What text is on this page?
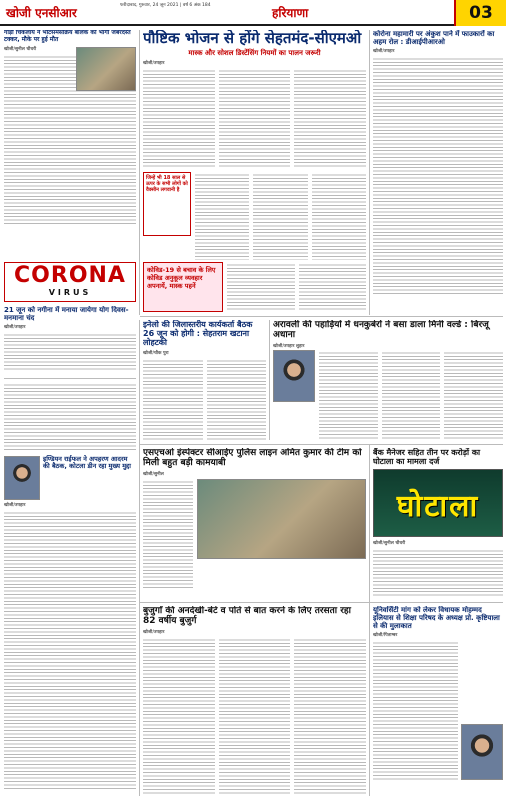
खोजी एनसीआर
फरीदाबाद, गुरुवार, 24 जून 2021 | वर्ष 6 अंक 184
हरियाणा	03
गाड़ी चिकलाय ने भोटसमसक्रिय बालक को भागी जबरदस्त टक्कर, मौके पर हुई मौत
खोजी/सुनील चौधरी
पौष्टिक भोजन से होंगे सेहतमंद-सीएमओ
मास्क और सोशल डिस्टेंसिंग नियमों का पालन जरूरी
खोजी/उपहार
जिन्हें भी 18 साल से ऊपर के सभी लोगों को वैक्सीन लगवानी है
कोरोना महामारी पर अंकुश पाने में फाउकारों का अहम रोल : डीआईपीआरओ
खोजी/उपहार
CORONA
VIRUS
21 जून को नगीना में मनाया जायेगा योग दिवस-मनमाना चंद
खोजी/उपहार
कोविड-19 से बचाव के लिए कोविड अनुकूल व्यवहार अपनायें, मास्क पहनें
इनेलो की जिलास्तरीय कार्यकर्ता बैठक 26 जून को होगी : सेहतराम खटाना लोहटकी
खोजी/चौक पुरा
अरावली की पहाड़ियों में धनकुबेरों ने बसा डाला मिनी वर्ल्ड : बिरजू अधाना
खोजी/उपहार लुहार
इण्डियन राईफल ने अपहरण आदरम की बैठक, कोटला डीन रहा मुख्य मुद्दा
खोजी/उपहार
एसएचओ इंस्पेक्टर सीआईए पुलिस लाइन अमित कुमार की टीम को मिली बहुत बड़ी कामयाबी
खोजी/सुनील
बैंक मैनेजर सहित तीन पर करोड़ों का घोटाला का मामला दर्ज
घोटाला
खोजी/सुनील चौधरी
बुजुर्गों की अनदेखी-बेटे व पोते से बात करने के लिए तरसता रहा 82 वर्षीय बुजुर्ग
खोजी/उपहार
यूनिवर्सिटी मांग को लेकर विधायक मोहम्मद इलियास से शिक्षा परिषद के अध्यक्ष प्रो. कृष्टियाला से की मुलाकात
खोजी/पिताम्बर
